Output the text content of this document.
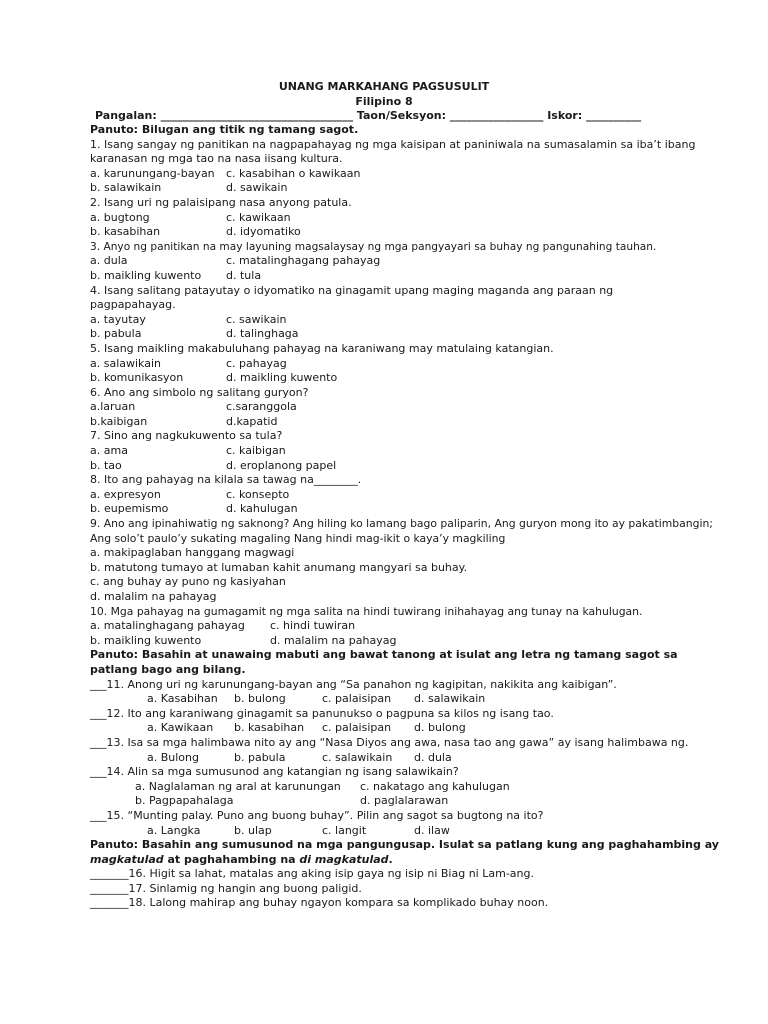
UNANG MARKAHANG PAGSUSULIT
Filipino 8
Pangalan: ___________________________________ Taon/Seksyon: _________________ Iskor: __________
Panuto: Bilugan ang titik ng tamang sagot.
1. Isang sangay ng panitikan na nagpapahayag ng mga kaisipan at paniniwala na sumasalamin sa iba’t ibang karanasan ng mga tao na nasa iisang kultura.
a. karunungang-bayan	c. kasabihan o kawikaan
b. salawikain	d. sawikain
2. Isang uri ng palaisipang nasa anyong patula.
a. bugtong	c. kawikaan
b. kasabihan	d. idyomatiko
3. Anyo ng panitikan na may layuning magsalaysay ng mga pangyayari sa buhay ng pangunahing tauhan.
a. dula	c. matalinghagang pahayag
b. maikling kuwento	d. tula
4. Isang salitang patayutay o idyomatiko na ginagamit upang maging maganda ang paraan ng pagpapahayag.
a. tayutay	c. sawikain
b. pabula	d. talinghaga
5. Isang maikling makabuluhang pahayag na karaniwang may matulaing katangian.
a. salawikain	c. pahayag
b. komunikasyon	d. maikling kuwento
6. Ano ang simbolo ng salitang guryon?
a.laruan	c.saranggola
b.kaibigan	d.kapatid
7. Sino ang nagkukuwento sa tula?
a. ama	c. kaibigan
b. tao	d. eroplanong papel
8. Ito ang pahayag na kilala sa tawag na________.
a. expresyon	c. konsepto
b. eupemismo	d. kahulugan
9. Ano ang ipinahiwatig ng saknong? Ang hiling ko lamang bago paliparin, Ang guryon mong ito ay pakatimbangin; Ang solo’t paulo’y sukating magaling Nang hindi mag-ikit o kaya’y magkiling
a. makipaglaban hanggang magwagi
b. matutong tumayo at lumaban kahit anumang mangyari sa buhay.
c. ang buhay ay puno ng kasiyahan
d. malalim na pahayag
10. Mga pahayag na gumagamit ng mga salita na hindi tuwirang inihahayag ang tunay na kahulugan.
a. matalinghagang pahayag	c. hindi tuwiran
b. maikling kuwento	d. malalim na pahayag
Panuto: Basahin at unawaing mabuti ang bawat tanong at isulat ang letra ng tamang sagot sa patlang bago ang bilang.
___11. Anong uri ng karunungang-bayan ang “Sa panahon ng kagipitan, nakikita ang kaibigan”.
a. Kasabihan	b. bulong	c. palaisipan	d. salawikain
___12. Ito ang karaniwang ginagamit sa panunukso o pagpuna sa kilos ng isang tao.
a. Kawikaan	b. kasabihan	c. palaisipan	d. bulong
___13. Isa sa mga halimbawa nito ay ang “Nasa Diyos ang awa, nasa tao ang gawa” ay isang halimbawa ng.
a. Bulong	b. pabula	c. salawikain	d. dula
___14. Alin sa mga sumusunod ang katangian ng isang salawikain?
a. Naglalaman ng aral at karunungan	c. nakatago ang kahulugan
b. Pagpapahalaga	d. paglalarawan
___15. “Munting palay. Puno ang buong buhay”. Pilin ang sagot sa bugtong na ito?
a. Langka	b. ulap	c. langit	d. ilaw
Panuto: Basahin ang sumusunod na mga pangungusap. Isulat sa patlang kung ang paghahambing ay magkatulad at paghahambing na di magkatulad.
_______16. Higit sa lahat, matalas ang aking isip gaya ng isip ni Biag ni Lam-ang.
_______17. Sinlamig ng hangin ang buong paligid.
_______18. Lalong mahirap ang buhay ngayon kompara sa komplikado buhay noon.
